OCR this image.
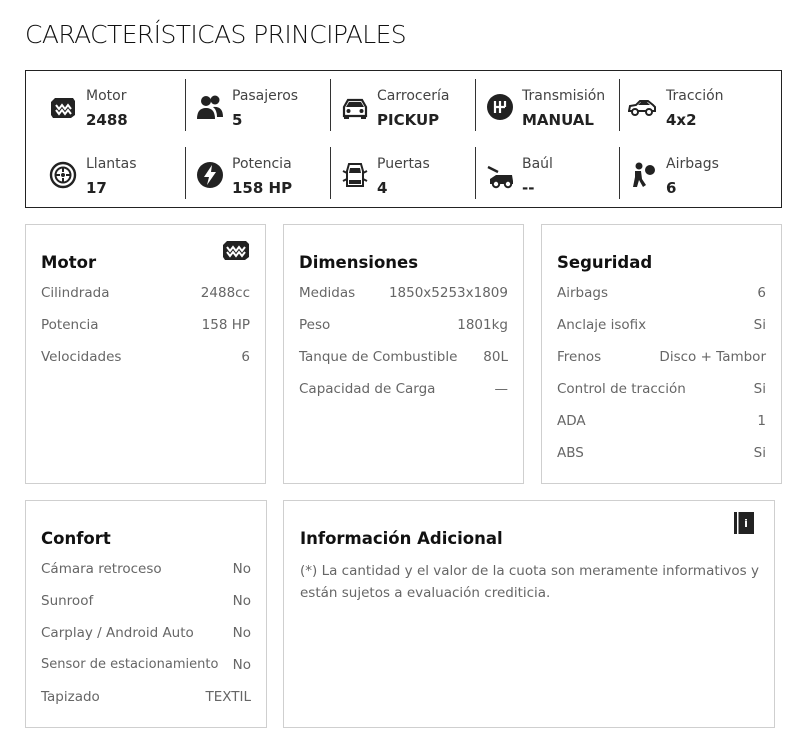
CARACTERÍSTICAS PRINCIPALES
Motor
2488
Pasajeros
5
Carrocería
PICKUP
Transmisión
MANUAL
Tracción
4x2
Llantas
17
Potencia
158 HP
Puertas
4
Baúl
--
Airbags
6
Motor
Cilindrada	2488cc
Potencia	158 HP
Velocidades	6
Dimensiones
Medidas	1850x5253x1809
Peso	1801kg
Tanque de Combustible 80L
Capacidad de Carga	—
Seguridad
Airbags	6
Anclaje isofix	Si
Frenos	Disco + Tambor
Control de tracción	Si
ADA	1
ABS	Si
Confort
Cámara retroceso	No
Sunroof	No
Carplay / Android Auto	No
Sensor de estacionamiento No
Tapizado	TEXTIL
i
Información Adicional

(*) La cantidad y el valor de la cuota son meramente informativos y están sujetos a evaluación crediticia.
